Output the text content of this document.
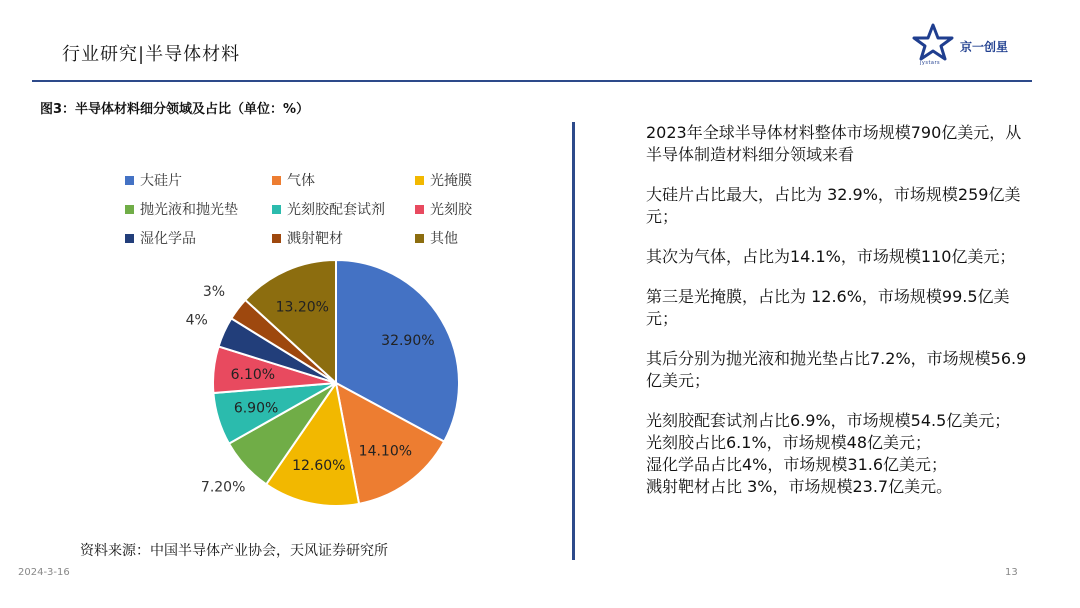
行业研究|半导体材料	京一创星
jystars
图3：半导体材料细分领域及占比（单位：%）
大硅片	气体	光掩膜
抛光液和抛光垫	光刻胶配套试剂	光刻胶
湿化学品	溅射靶材	其他
32.90%
14.10%
12.60%
7.20%
6.90%
6.10%
4%
3%
13.20%
资料来源：中国半导体产业协会，天风证券研究所

2023年全球半导体材料整体市场规模790亿美元，从半导体制造材料细分领域来看

大硅片占比最大，占比为 32.9%，市场规模259亿美元；

其次为气体，占比为14.1%，市场规模110亿美元；

第三是光掩膜，占比为 12.6%，市场规模99.5亿美元；

其后分别为抛光液和抛光垫占比7.2%，市场规模56.9亿美元；

光刻胶配套试剂占比6.9%，市场规模54.5亿美元；

光刻胶占比6.1%，市场规模48亿美元；

湿化学品占比4%，市场规模31.6亿美元；

溅射靶材占比 3%，市场规模23.7亿美元。

2024-3-16	13
